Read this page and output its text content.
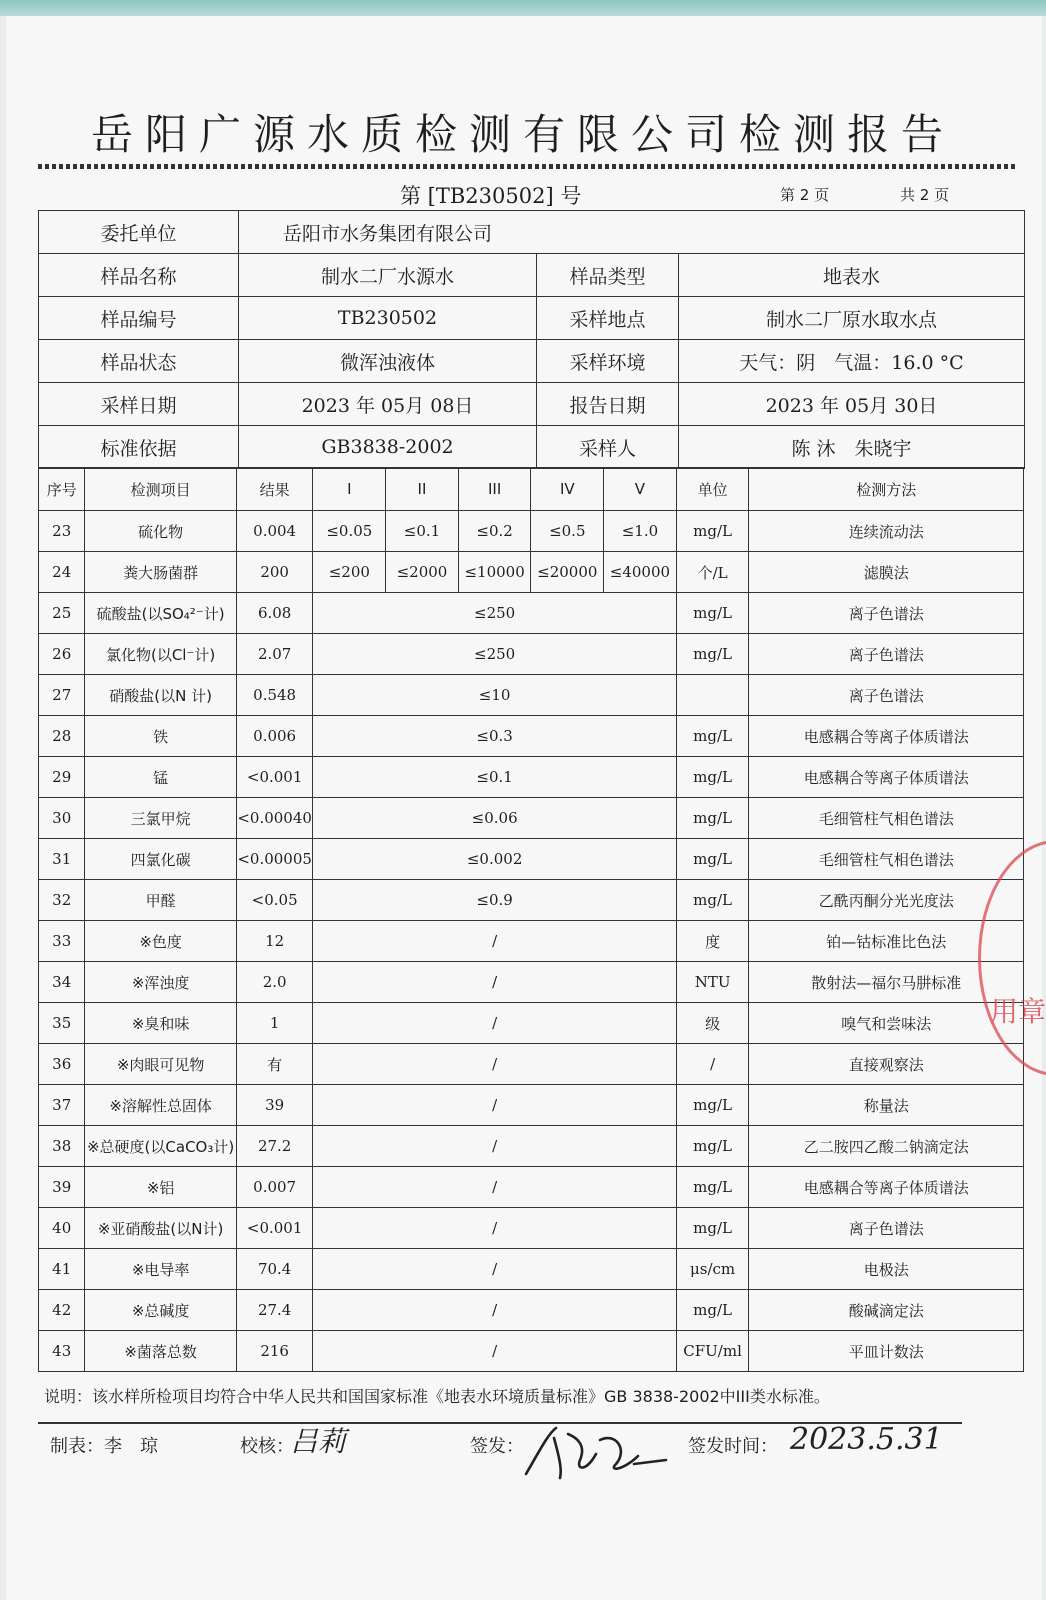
岳阳广源水质检测有限公司检测报告
第 [TB230502] 号	第 2 页	共 2 页
委托单位	岳阳市水务集团有限公司		
样品名称	制水二厂水源水	样品类型	地表水
样品编号	TB230502	采样地点	制水二厂原水取水点
样品状态	微浑浊液体	采样环境	天气：阴　气温：16.0 °C
采样日期	2023 年 05月 08日	报告日期	2023 年 05月 30日
标准依据	GB3838-2002	采样人	陈 沐　朱晓宇
序号	检测项目	结果	I	II	III	IV	V	单位	检测方法
23	硫化物	0.004	≤0.05	≤0.1	≤0.2	≤0.5	≤1.0	mg/L	连续流动法
24	粪大肠菌群	200	≤200	≤2000	≤10000	≤20000	≤40000	个/L	滤膜法
25	硫酸盐(以SO₄²⁻计)	6.08	≤250					mg/L	离子色谱法
26	氯化物(以Cl⁻计)	2.07	≤250					mg/L	离子色谱法
27	硝酸盐(以N 计)	0.548	≤10						离子色谱法
28	铁	0.006	≤0.3					mg/L	电感耦合等离子体质谱法
29	锰	<0.001	≤0.1					mg/L	电感耦合等离子体质谱法
30	三氯甲烷	<0.00040	≤0.06					mg/L	毛细管柱气相色谱法
31	四氯化碳	<0.00005	≤0.002					mg/L	毛细管柱气相色谱法
32	甲醛	<0.05	≤0.9					mg/L	乙酰丙酮分光光度法
33	※色度	12	/					度	铂—钴标准比色法
34	※浑浊度	2.0	/					NTU	散射法—福尔马肼标准
35	※臭和味	1	/					级	嗅气和尝味法
36	※肉眼可见物	有	/					/	直接观察法
37	※溶解性总固体	39	/					mg/L	称量法
38	※总硬度(以CaCO₃计)	27.2	/					mg/L	乙二胺四乙酸二钠滴定法
39	※铝	0.007	/					mg/L	电感耦合等离子体质谱法
40	※亚硝酸盐(以N计)	<0.001	/					mg/L	离子色谱法
41	※电导率	70.4	/					μs/cm	电极法
42	※总碱度	27.4	/					mg/L	酸碱滴定法
43	※菌落总数	216	/					CFU/ml	平皿计数法
说明：该水样所检项目均符合中华人民共和国国家标准《地表水环境质量标准》GB 3838-2002中III类水标准。
制表：李　琼	校核：
吕莉	签发：	签发时间： 2023.5.31
用章
